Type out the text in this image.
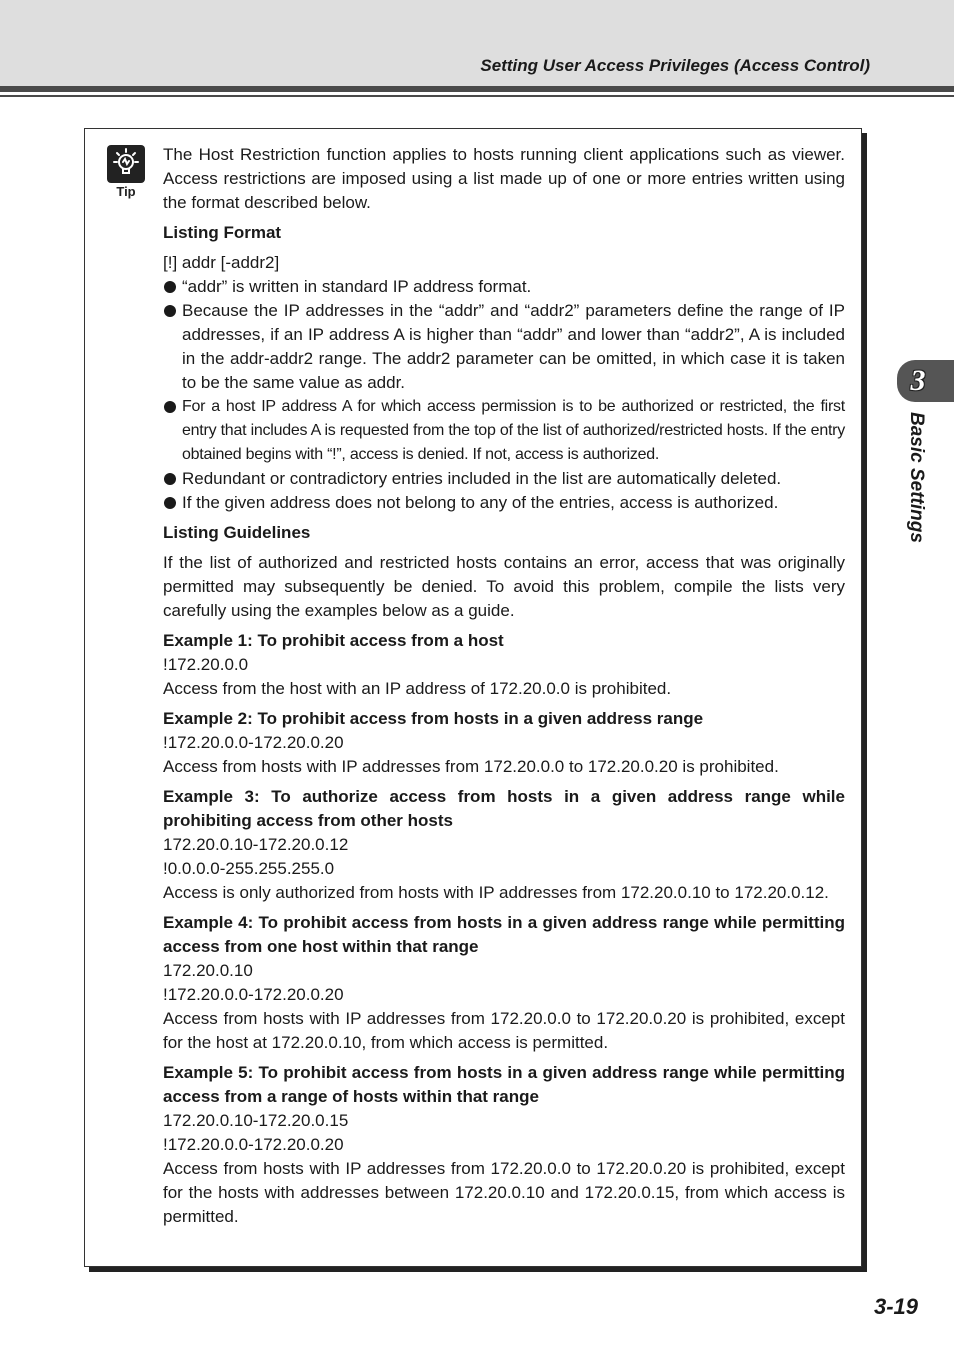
Setting User Access Privileges (Access Control)
Tip

The Host Restriction function applies to hosts running client applications such as viewer. Access restrictions are imposed using a list made up of one or more entries written using the format described below.

Listing Format

[!] addr [-addr2]

“addr” is written in standard IP address format.

Because the IP addresses in the “addr” and “addr2” parameters define the range of IP addresses, if an IP address A is higher than “addr” and lower than “addr2”, A is included in the addr-addr2 range. The addr2 parameter can be omitted, in which case it is taken to be the same value as addr.

For a host IP address A for which access permission is to be authorized or restricted, the first entry that includes A is requested from the top of the list of authorized/restricted hosts. If the entry obtained begins with “!”, access is denied. If not, access is authorized.

Redundant or contradictory entries included in the list are automatically deleted.

If the given address does not belong to any of the entries, access is authorized.

Listing Guidelines

If the list of authorized and restricted hosts contains an error, access that was originally permitted may subsequently be denied. To avoid this problem, compile the lists very carefully using the examples below as a guide.

Example 1: To prohibit access from a host

!172.20.0.0

Access from the host with an IP address of 172.20.0.0 is prohibited.

Example 2: To prohibit access from hosts in a given address range

!172.20.0.0-172.20.0.20

Access from hosts with IP addresses from 172.20.0.0 to 172.20.0.20 is prohibited.

Example 3: To authorize access from hosts in a given address range while prohibiting access from other hosts

172.20.0.10-172.20.0.12

!0.0.0.0-255.255.255.0

Access is only authorized from hosts with IP addresses from 172.20.0.10 to 172.20.0.12.

Example 4: To prohibit access from hosts in a given address range while permitting access from one host within that range

172.20.0.10

!172.20.0.0-172.20.0.20

Access from hosts with IP addresses from 172.20.0.0 to 172.20.0.20 is prohibited, except for the host at 172.20.0.10, from which access is permitted.

Example 5: To prohibit access from hosts in a given address range while permitting access from a range of hosts within that range

172.20.0.10-172.20.0.15

!172.20.0.0-172.20.0.20

Access from hosts with IP addresses from 172.20.0.0 to 172.20.0.20 is prohibited, except for the hosts with addresses between 172.20.0.10 and 172.20.0.15, from which access is permitted.

3
Basic Settings
3-19
